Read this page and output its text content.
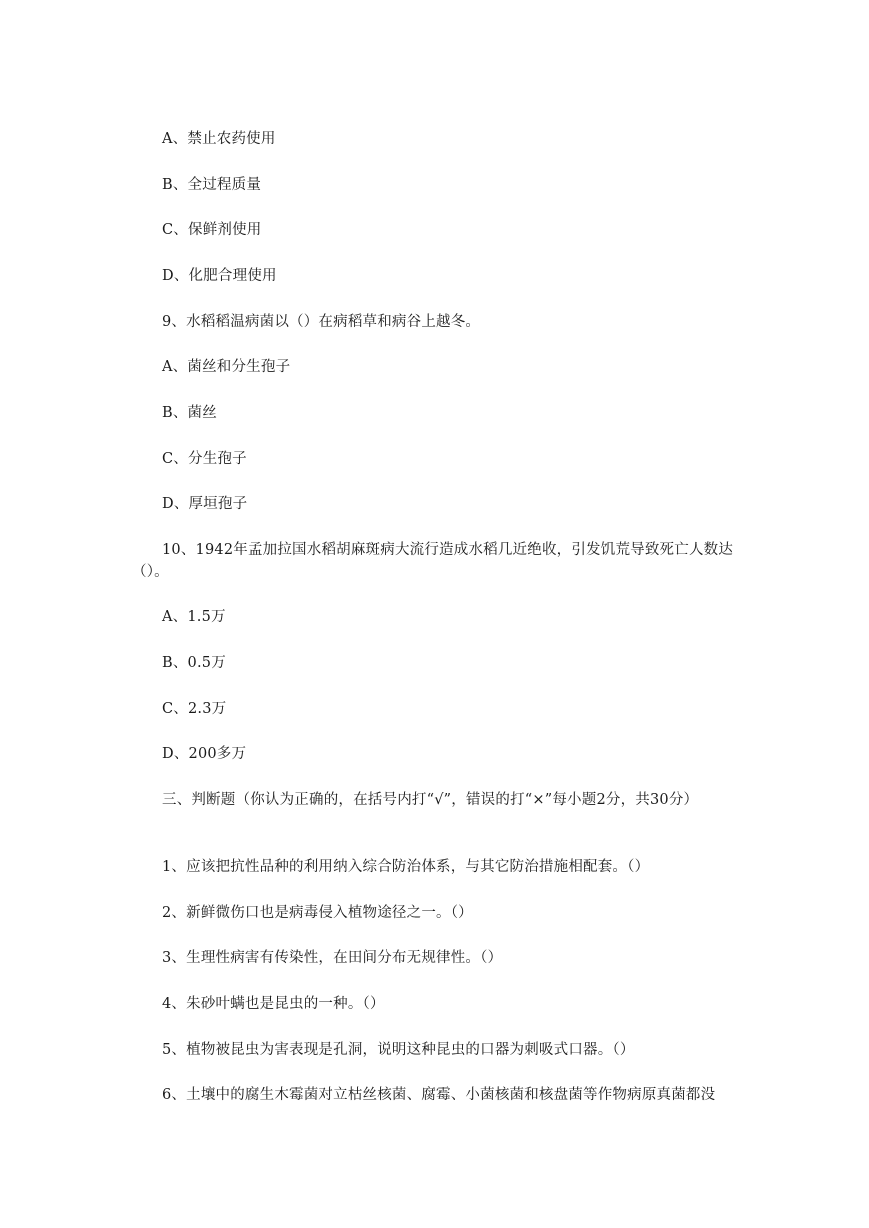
A、禁止农药使用
B、全过程质量
C、保鲜剂使用
D、化肥合理使用
9、水稻稻温病菌以（）在病稻草和病谷上越冬。
A、菌丝和分生孢子
B、菌丝
C、分生孢子
D、厚垣孢子
10、1942年孟加拉国水稻胡麻斑病大流行造成水稻几近绝收，引发饥荒导致死亡人数达（）。
A、1.5万
B、0.5万
C、2.3万
D、200多万
三、判断题（你认为正确的，在括号内打“√”，错误的打“×”每小题2分，共30分）
1、应该把抗性品种的利用纳入综合防治体系，与其它防治措施相配套。（）
2、新鲜微伤口也是病毒侵入植物途径之一。（）
3、生理性病害有传染性，在田间分布无规律性。（）
4、朱砂叶螨也是昆虫的一种。（）
5、植物被昆虫为害表现是孔洞，说明这种昆虫的口器为刺吸式口器。（）
6、土壤中的腐生木霉菌对立枯丝核菌、腐霉、小菌核菌和核盘菌等作物病原真菌都没
